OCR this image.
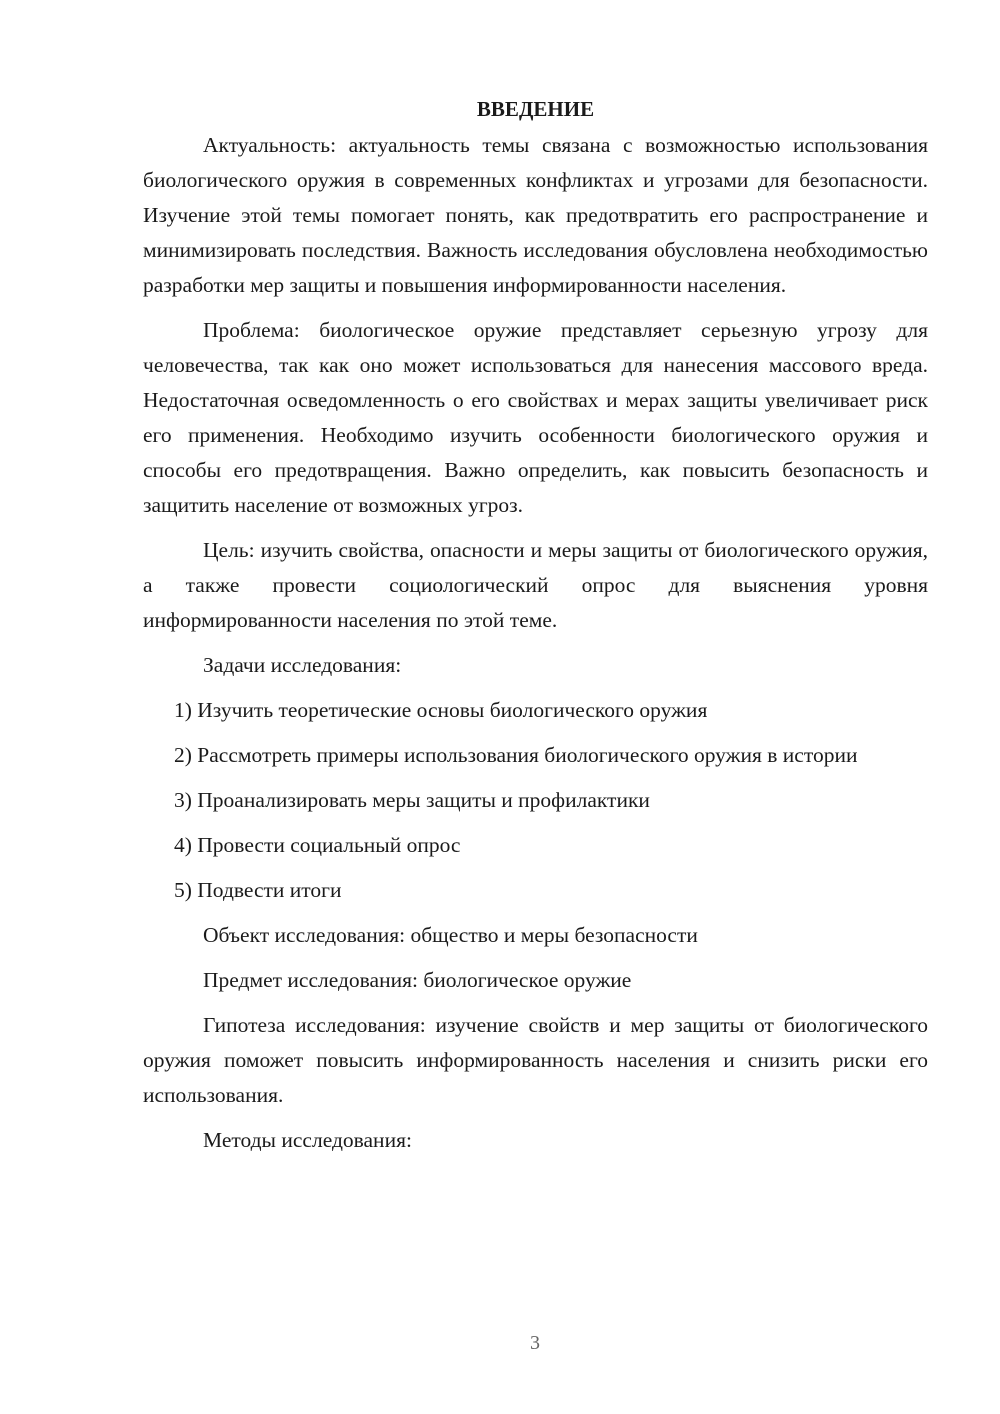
ВВЕДЕНИЕ

Актуальность: актуальность темы связана с возможностью использования биологического оружия в современных конфликтах и угрозами для безопасности. Изучение этой темы помогает понять, как предотвратить его распространение и минимизировать последствия. Важность исследования обусловлена необходимостью разработки мер защиты и повышения информированности населения.

Проблема: биологическое оружие представляет серьезную угрозу для человечества, так как оно может использоваться для нанесения массового вреда. Недостаточная осведомленность о его свойствах и мерах защиты увеличивает риск его применения. Необходимо изучить особенности биологического оружия и способы его предотвращения. Важно определить, как повысить безопасность и защитить население от возможных угроз.

Цель: изучить свойства, опасности и меры защиты от биологического оружия, а также провести социологический опрос для выяснения уровня информированности населения по этой теме.

Задачи исследования:

1) Изучить теоретические основы биологического оружия

2) Рассмотреть примеры использования биологического оружия в истории

3) Проанализировать меры защиты и профилактики

4) Провести социальный опрос

5) Подвести итоги

Объект исследования: общество и меры безопасности

Предмет исследования: биологическое оружие

Гипотеза исследования: изучение свойств и мер защиты от биологического оружия поможет повысить информированность населения и снизить риски его использования.

Методы исследования:

3
